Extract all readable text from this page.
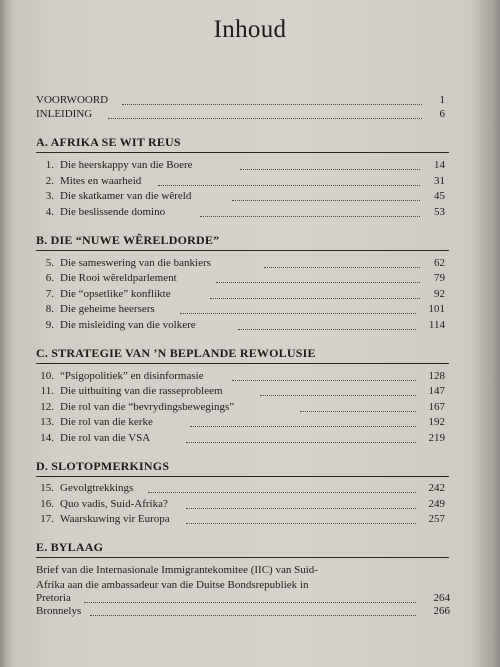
Inhoud
VOORWOORD	1
INLEIDING	6
A. AFRIKA SE WIT REUS
1. Die heerskappy van die Boere	14
2. Mites en waarheid	31
3. Die skatkamer van die wêreld	45
4. Die beslissende domino	53
B. DIE “NUWE WÊRELDORDE”
5. Die sameswering van die bankiers	62
6. Die Rooi wêreldparlement	79
7. Die “opsetlike” konflikte	92
8. Die geheime heersers	101
9. Die misleiding van die volkere	114
C. STRATEGIE VAN ’N BEPLANDE REWOLUSIE
10. “Psigopolitiek” en disinformasie	128
11. Die uitbuiting van die rasseprobleem	147
12. Die rol van die “bevrydingsbewegings”	167
13. Die rol van die kerke	192
14. Die rol van die VSA	219
D. SLOTOPMERKINGS
15. Gevolgtrekkings	242
16. Quo vadis, Suid-Afrika?	249
17. Waarskuwing vir Europa	257
E. BYLAAG
Brief van die Internasionale Immigrantekomitee (IIC) van Suid-
Afrika aan die ambassadeur van die Duitse Bondsrepubliek in
Pretoria	264
Bronnelys	266
